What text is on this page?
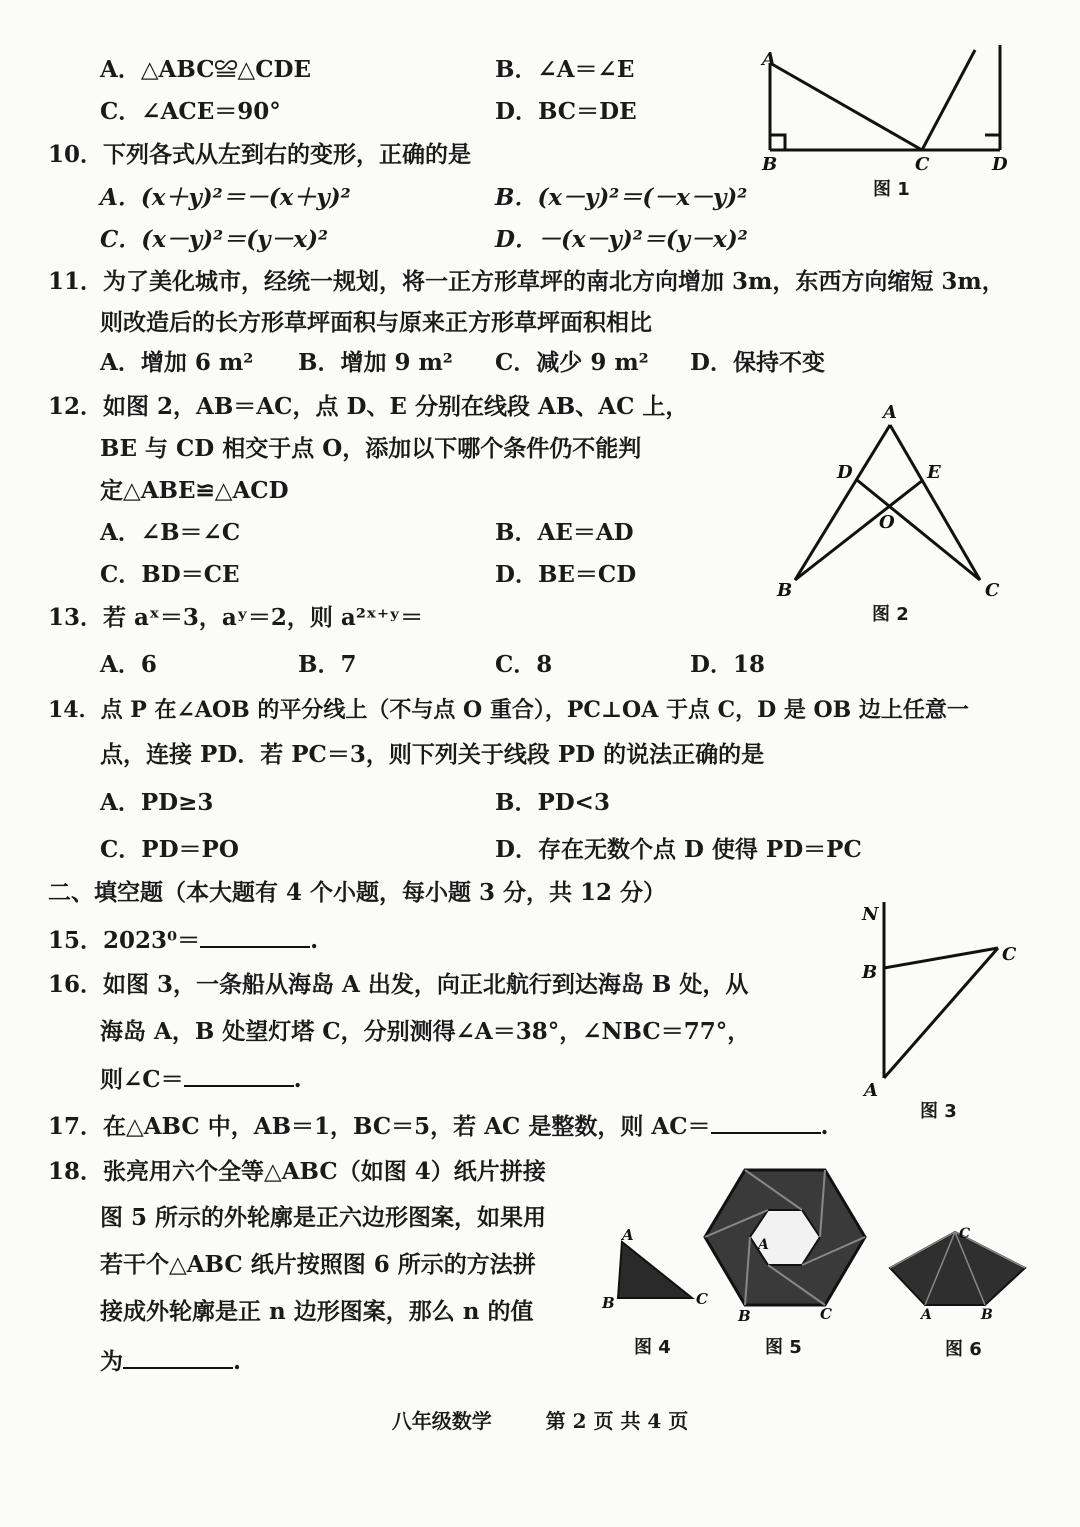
A．△ABC≌△CDE	B．∠A＝∠E
C．∠ACE＝90°	D．BC＝DE
A
B	C	D
图 1
10．下列各式从左到右的变形，正确的是
A．(x＋y)²＝－(x＋y)²	B．(x－y)²＝(－x－y)²
C．(x－y)²＝(y－x)²	D．－(x－y)²＝(y－x)²
11．为了美化城市，经统一规划，将一正方形草坪的南北方向增加 3m，东西方向缩短 3m，
则改造后的长方形草坪面积与原来正方形草坪面积相比
A．增加 6 m² B．增加 9 m² C．减少 9 m² D．保持不变
12．如图 2，AB＝AC，点 D、E 分别在线段 AB、AC 上，
BE 与 CD 相交于点 O，添加以下哪个条件仍不能判
定△ABE≌△ACD
A．∠B＝∠C	B．AE＝AD
C．BD＝CE	D．BE＝CD
A
D	E
O
B	C
图 2
13．若 aˣ＝3，aʸ＝2，则 a²ˣ⁺ʸ＝
A．6	B．7	C．8	D．18
14．点 P 在∠AOB 的平分线上（不与点 O 重合），PC⊥OA 于点 C，D 是 OB 边上任意一
点，连接 PD．若 PC＝3，则下列关于线段 PD 的说法正确的是
A．PD≥3	B．PD<3
C．PD＝PO	D．存在无数个点 D 使得 PD＝PC
二、填空题（本大题有 4 个小题，每小题 3 分，共 12 分）
15．2023⁰＝	.
N
B
C
A
图 3
16．如图 3，一条船从海岛 A 出发，向正北航行到达海岛 B 处，从
海岛 A，B 处望灯塔 C，分别测得∠A＝38°，∠NBC＝77°，
则∠C＝	.
17．在△ABC 中，AB＝1，BC＝5，若 AC 是整数，则 AC＝	.
18．张亮用六个全等△ABC（如图 4）纸片拼接
图 5 所示的外轮廓是正六边形图案，如果用
若干个△ABC 纸片按照图 6 所示的方法拼
接成外轮廓是正 n 边形图案，那么 n 的值
为	.
A
B	C
图 4
A
B	C
图 5
C
A	B
图 6
八年级数学	第 2 页 共 4 页
